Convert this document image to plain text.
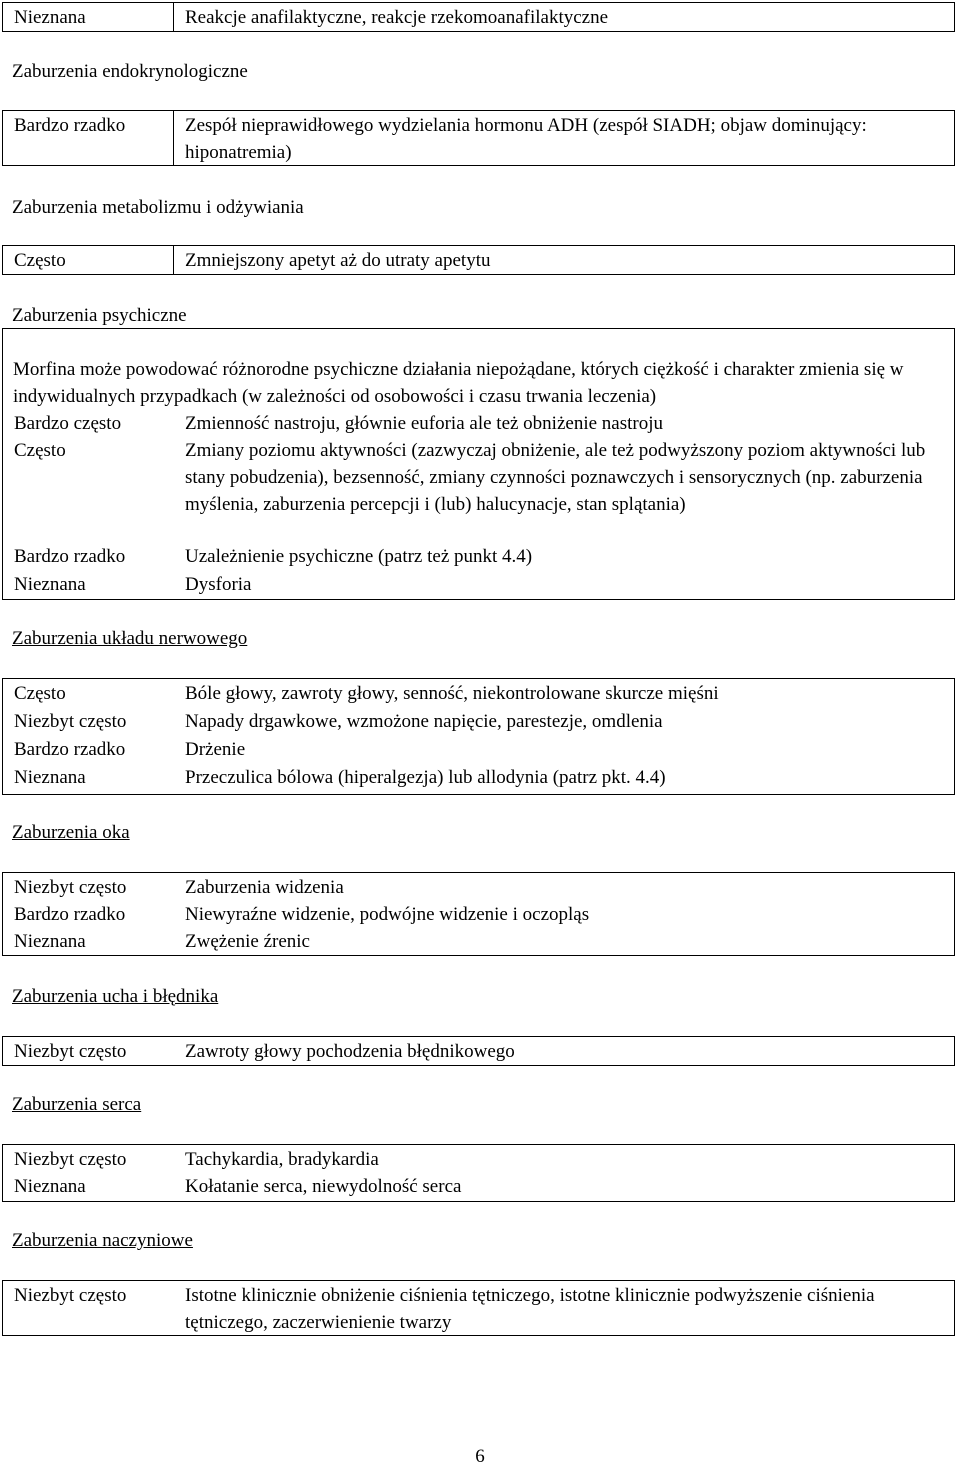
Nieznana	Reakcje anafilaktyczne, reakcje rzekomoanafilaktyczne
Zaburzenia endokrynologiczne
Bardzo rzadko	Zespół nieprawidłowego wydzielania hormonu ADH (zespół SIADH; objaw dominujący: hiponatremia)
Zaburzenia metabolizmu i odżywiania
Często	Zmniejszony apetyt aż do utraty apetytu
Zaburzenia psychiczne
Morfina może powodować różnorodne psychiczne działania niepożądane, których ciężkość i charakter zmienia się w indywidualnych przypadkach (w zależności od osobowości i czasu trwania leczenia)
Bardzo często	Zmienność nastroju, głównie euforia ale też obniżenie nastroju
Często	Zmiany poziomu aktywności (zazwyczaj obniżenie, ale też podwyższony poziom aktywności lub stany pobudzenia), bezsenność, zmiany czynności poznawczych i sensorycznych (np. zaburzenia myślenia, zaburzenia percepcji i (lub) halucynacje, stan splątania)
Bardzo rzadko	Uzależnienie psychiczne (patrz też punkt 4.4)
Nieznana	Dysforia
Zaburzenia układu nerwowego
Często	Bóle głowy, zawroty głowy, senność, niekontrolowane skurcze mięśni
Niezbyt często	Napady drgawkowe, wzmożone napięcie, parestezje, omdlenia
Bardzo rzadko	Drżenie
Nieznana	Przeczulica bólowa (hiperalgezja) lub allodynia (patrz pkt. 4.4)
Zaburzenia oka
Niezbyt często	Zaburzenia widzenia
Bardzo rzadko	Niewyraźne widzenie, podwójne widzenie i oczopląs
Nieznana	Zwężenie źrenic
Zaburzenia ucha i błędnika
Niezbyt często	Zawroty głowy pochodzenia błędnikowego
Zaburzenia serca
Niezbyt często	Tachykardia, bradykardia
Nieznana	Kołatanie serca, niewydolność serca
Zaburzenia naczyniowe
Niezbyt często	Istotne klinicznie obniżenie ciśnienia tętniczego, istotne klinicznie podwyższenie ciśnienia tętniczego, zaczerwienienie twarzy
6
